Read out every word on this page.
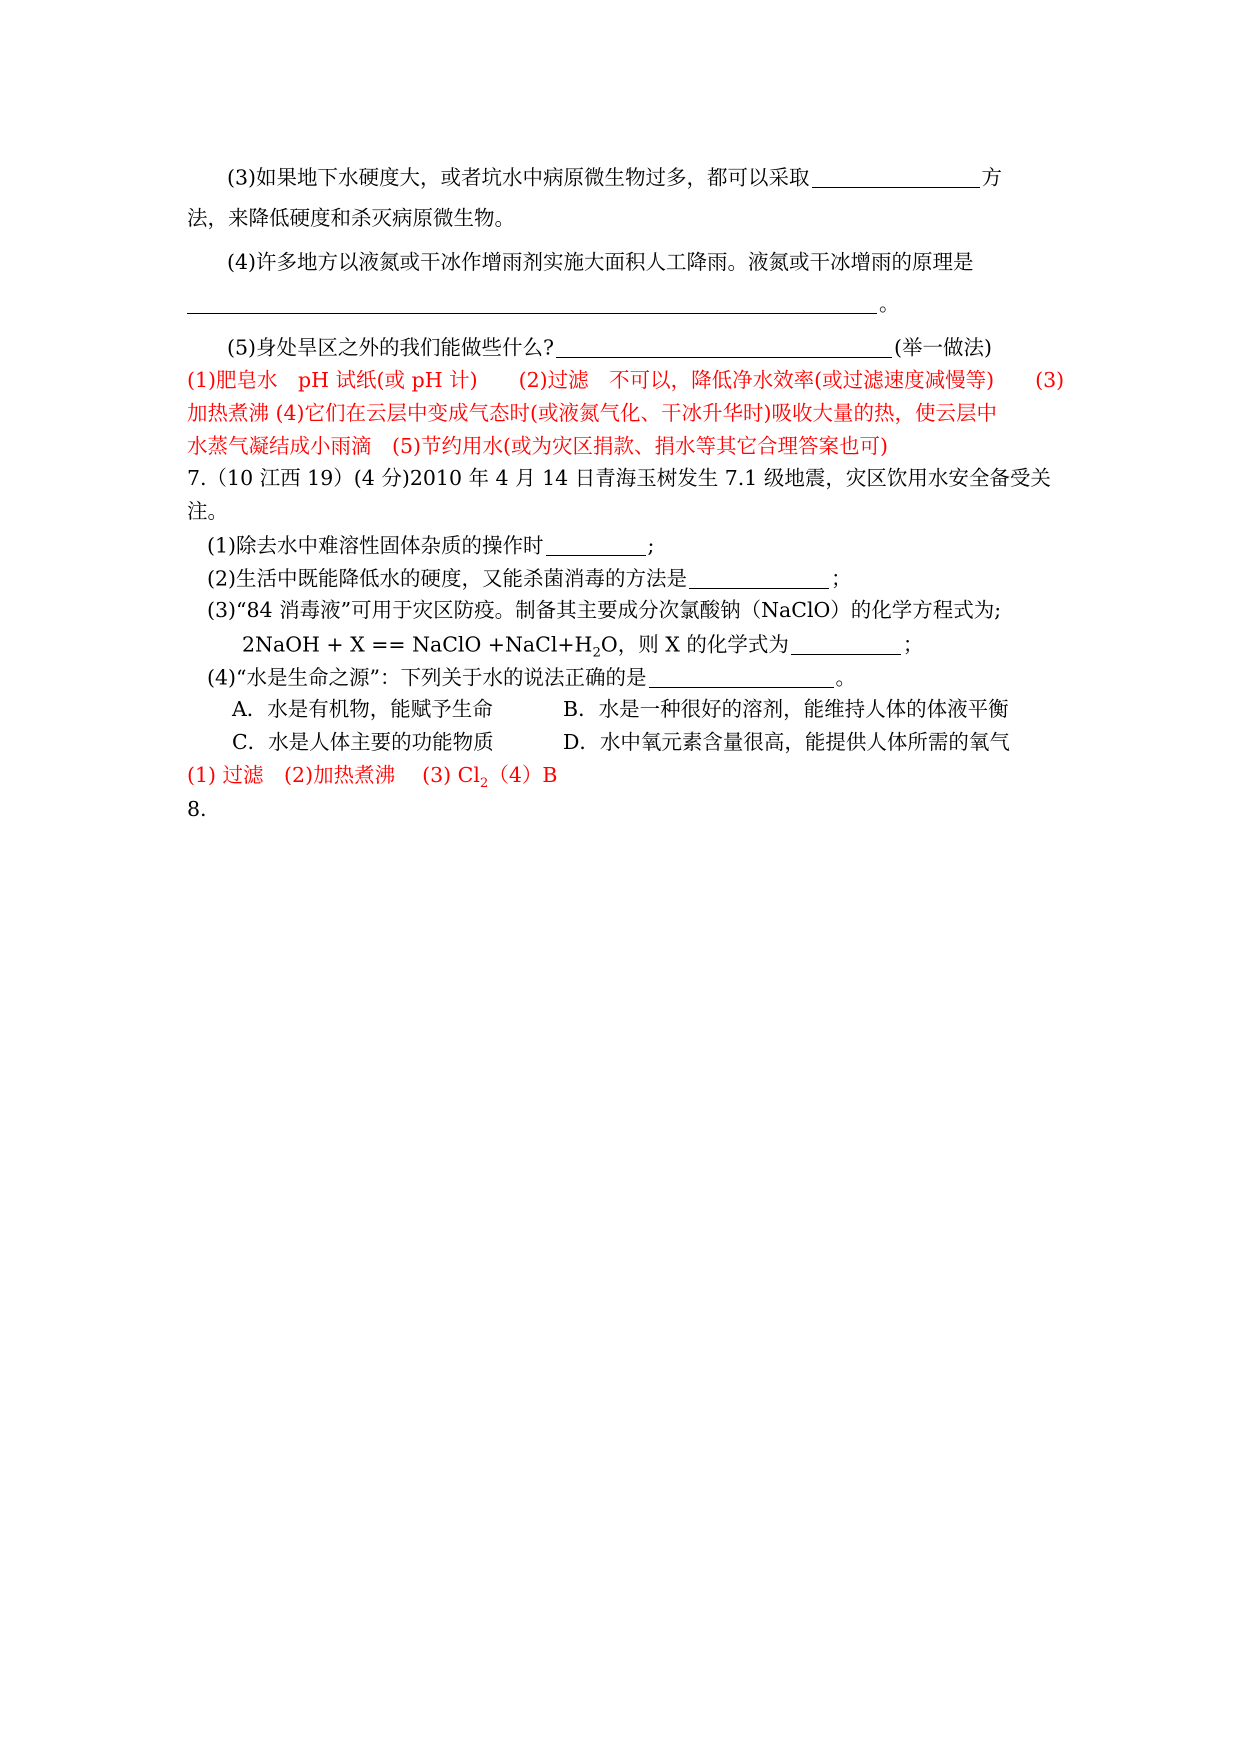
(3)如果地下水硬度大，或者坑水中病原微生物过多，都可以采取	方
法，来降低硬度和杀灭病原微生物。
(4)许多地方以液氮或干冰作增雨剂实施大面积人工降雨。液氮或干冰增雨的原理是
。
(5)身处旱区之外的我们能做些什么?	(举一做法)
(1)肥皂水　pH 试纸(或 pH 计)　　(2)过滤　不可以，降低净水效率(或过滤速度减慢等)　　(3)
加热煮沸 (4)它们在云层中变成气态时(或液氮气化、干冰升华时)吸收大量的热，使云层中
水蒸气凝结成小雨滴　(5)节约用水(或为灾区捐款、捐水等其它合理答案也可)
7.（10 江西 19）(4 分)2010 年 4 月 14 日青海玉树发生 7.1 级地震，灾区饮用水安全备受关
注。
(1)除去水中难溶性固体杂质的操作时	;
(2)生活中既能降低水的硬度，又能杀菌消毒的方法是	；
(3)“84 消毒液”可用于灾区防疫。制备其主要成分次氯酸钠（NaClO）的化学方程式为;
2NaOH + X == NaClO $+NaCl+H_2O$，则 X 的化学式为	；
(4)“水是生命之源”：下列关于水的说法正确的是	。
A．水是有机物，能赋予生命	B．水是一种很好的溶剂，能维持人体的体液平衡
C．水是人体主要的功能物质	D．水中氧元素含量很高，能提供人体所需的氧气
(1) 过滤　(2)加热煮沸　 (3) $Cl_2(4)B$
8.
